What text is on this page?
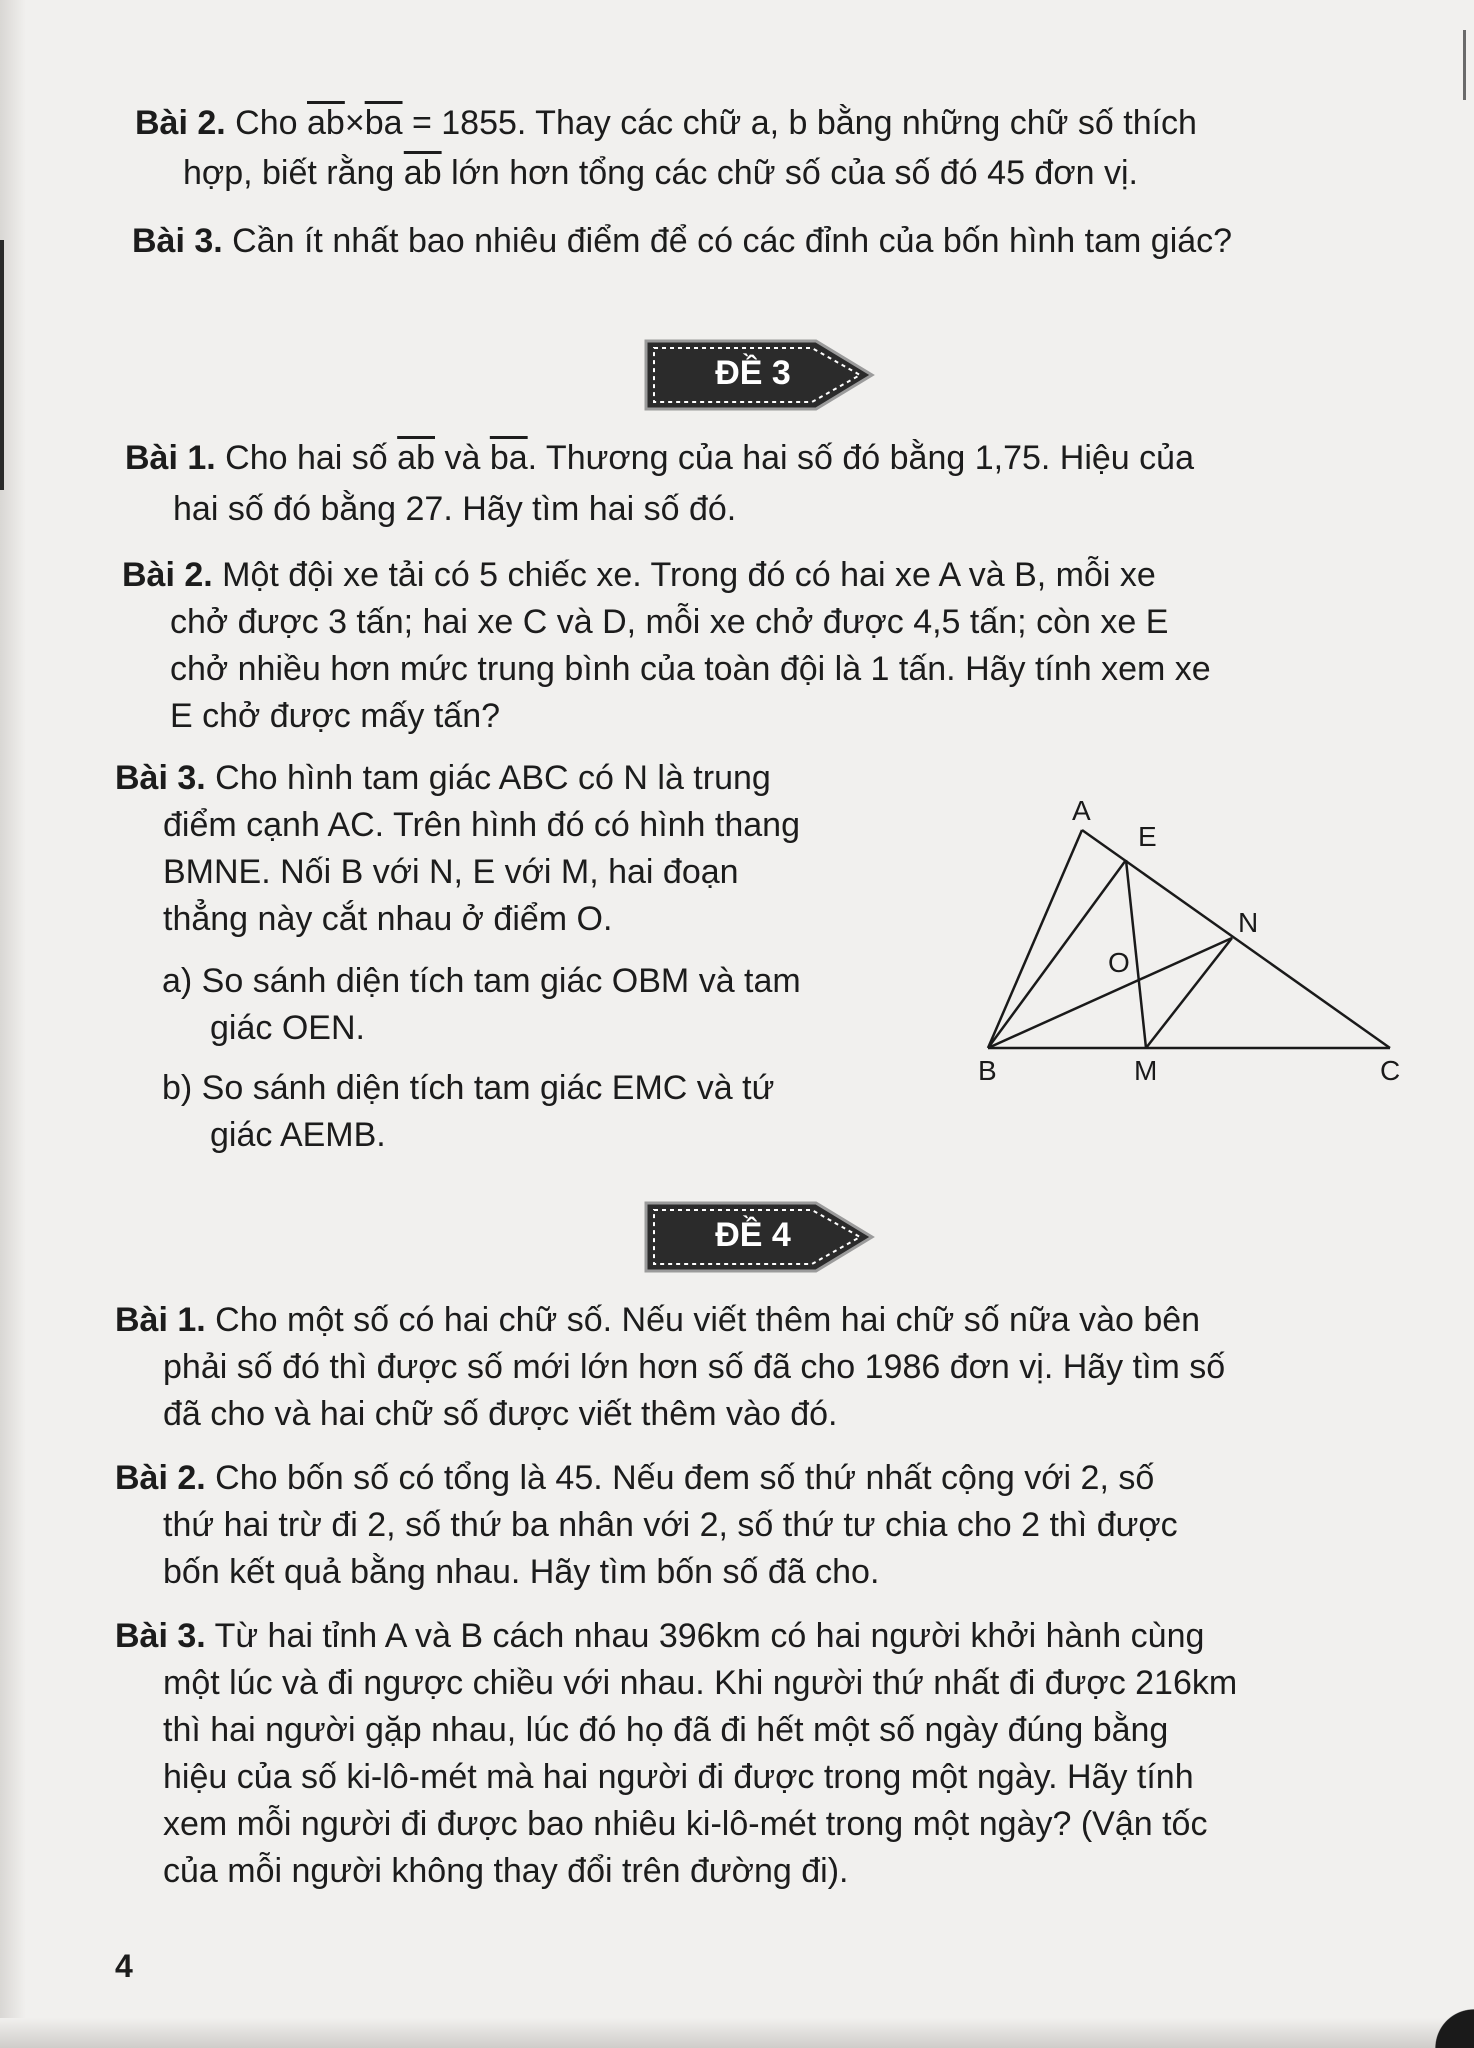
Bài 2. Cho $\overline{ab}\times\overline{ba} = 1855$. Thay các chữ a, b bằng những chữ số thích

hợp, biết rằng $\overline{ab}$ lớn hơn tổng các chữ số của số đó 45 đơn vị.

Bài 3. Cần ít nhất bao nhiêu điểm để có các đỉnh của bốn hình tam giác?

ĐỀ 3

Bài 1. Cho hai số $\overline{ab}$ và $\overline{ba}$. Thương của hai số đó bằng 1,75. Hiệu của

hai số đó bằng 27. Hãy tìm hai số đó.

Bài 2. Một đội xe tải có 5 chiếc xe. Trong đó có hai xe A và B, mỗi xe

chở được 3 tấn; hai xe C và D, mỗi xe chở được 4,5 tấn; còn xe E

chở nhiều hơn mức trung bình của toàn đội là 1 tấn. Hãy tính xem xe

E chở được mấy tấn?

Bài 3. Cho hình tam giác ABC có N là trung

điểm cạnh AC. Trên hình đó có hình thang

BMNE. Nối B với N, E với M, hai đoạn

thẳng này cắt nhau ở điểm O.

a) So sánh diện tích tam giác OBM và tam

giác OEN.

b) So sánh diện tích tam giác EMC và tứ

giác AEMB.

A
E
N
O
B	M	C
ĐỀ 4

Bài 1. Cho một số có hai chữ số. Nếu viết thêm hai chữ số nữa vào bên

phải số đó thì được số mới lớn hơn số đã cho 1986 đơn vị. Hãy tìm số

đã cho và hai chữ số được viết thêm vào đó.

Bài 2. Cho bốn số có tổng là 45. Nếu đem số thứ nhất cộng với 2, số

thứ hai trừ đi 2, số thứ ba nhân với 2, số thứ tư chia cho 2 thì được

bốn kết quả bằng nhau. Hãy tìm bốn số đã cho.

Bài 3. Từ hai tỉnh A và B cách nhau 396km có hai người khởi hành cùng

một lúc và đi ngược chiều với nhau. Khi người thứ nhất đi được 216km

thì hai người gặp nhau, lúc đó họ đã đi hết một số ngày đúng bằng

hiệu của số ki-lô-mét mà hai người đi được trong một ngày. Hãy tính

xem mỗi người đi được bao nhiêu ki-lô-mét trong một ngày? (Vận tốc

của mỗi người không thay đổi trên đường đi).

4
